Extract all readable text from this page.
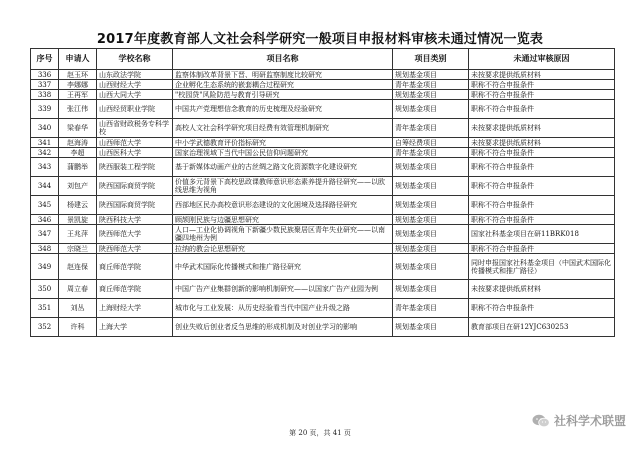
2017年度教育部人文社会科学研究一般项目申报材料审核未通过情况一览表
序号	申请人	学校名称	项目名称	项目类别	未通过审核原因
336	赵玉环	山东政法学院	监察体制改革背景下晋、明研监察制度比较研究	规划基金项目	未按要求提供纸质材料
337	李娜娜	山西财经大学	企业孵化生态系统的嵌套耦合过程研究	青年基金项目	职称不符合申报条件
338	王再军	山西大同大学	"校园贷"风险防范与教育引导研究	规划基金项目	职称不符合申报条件
339	张江伟	山西经贸职业学院	中国共产党理想信念教育的历史梳理及经验研究	规划基金项目	职称不符合申报条件
340	梁春华	山西省财政税务专科学校	高校人文社会科学研究项目经费有效管理机制研究	青年基金项目	未按要求提供纸质材料
341	赵海涛	山西师范大学	中小学武德教育评价指标研究	自筹经费项目	未按要求提供纸质材料
342	李超	山西医科大学	国家治理视域下当代中国公民信仰问题研究	青年基金项目	职称不符合申报条件
343	蒲鹏举	陕西服装工程学院	基于新媒体动画产业的古丝绸之路文化资源数字化建设研究	规划基金项目	职称不符合申报条件
344	刘包产	陕西国际商贸学院	价值多元背景下高校思政课教师意识形态素养提升路径研究——以欧线思维为视角	规划基金项目	职称不符合申报条件
345	杨建云	陕西国际商贸学院	西部地区民办高校意识形态建设的文化困境及选择路径研究	规划基金项目	职称不符合申报条件
346	景凯旋	陕西科技大学	顾颉刚民族与边疆思想研究	规划基金项目	职称不符合申报条件
347	王兆萍	陕西师范大学	人口—工业化协调视角下新疆少数民族聚居区青年失业研究——以南疆四地州为例	规划基金项目	国家社科基金项目在研11BRK018
348	宗晓兰	陕西师范大学	拉纳的教会论思想研究	规划基金项目	职称不符合申报条件
349	赵连保	商丘师范学院	中华武术国际化传播模式和推广路径研究	规划基金项目	同时申报国家社科基金项目（中国武术国际化传播模式和推广路径）
350	周立春	商丘师范学院	中国广告产业集群创新的影响机制研究——以国家广告产业园为例	规划基金项目	未按要求提供纸质材料
351	刘丛	上海财经大学	城市化与工业发展：从历史经验看当代中国产业升级之路	青年基金项目	职称不符合申报条件
352	许科	上海大学	创业失败后创业者反刍思维的形成机制及对创业学习的影响	规划基金项目	教育部项目在研12YJC630253
第 20 页，共 41 页
社科学术联盟
